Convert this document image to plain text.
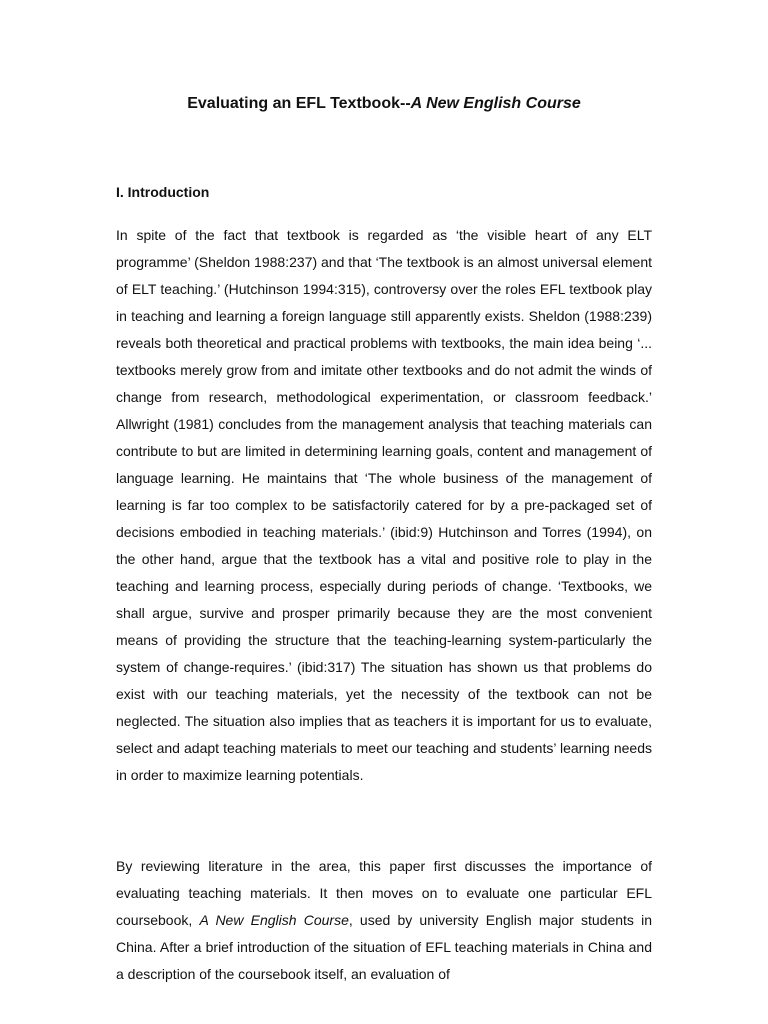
Evaluating an EFL Textbook--A New English Course
I. Introduction

In spite of the fact that textbook is regarded as ‘the visible heart of any ELT programme’ (Sheldon 1988:237) and that ‘The textbook is an almost universal element of ELT teaching.’ (Hutchinson 1994:315), controversy over the roles EFL textbook play in teaching and learning a foreign language still apparently exists. Sheldon (1988:239) reveals both theoretical and practical problems with textbooks, the main idea being ‘... textbooks merely grow from and imitate other textbooks and do not admit the winds of change from research, methodological experimentation, or classroom feedback.’ Allwright (1981) concludes from the management analysis that teaching materials can contribute to but are limited in determining learning goals, content and management of language learning. He maintains that ‘The whole business of the management of learning is far too complex to be satisfactorily catered for by a pre-packaged set of decisions embodied in teaching materials.’ (ibid:9) Hutchinson and Torres (1994), on the other hand, argue that the textbook has a vital and positive role to play in the teaching and learning process, especially during periods of change. ‘Textbooks, we shall argue, survive and prosper primarily because they are the most convenient means of providing the structure that the teaching-learning system-particularly the system of change-requires.’ (ibid:317) The situation has shown us that problems do exist with our teaching materials, yet the necessity of the textbook can not be neglected. The situation also implies that as teachers it is important for us to evaluate, select and adapt teaching materials to meet our teaching and students’ learning needs in order to maximize learning potentials.

By reviewing literature in the area, this paper first discusses the importance of evaluating teaching materials. It then moves on to evaluate one particular EFL coursebook, A New English Course, used by university English major students in China. After a brief introduction of the situation of EFL teaching materials in China and a description of the coursebook itself, an evaluation of
